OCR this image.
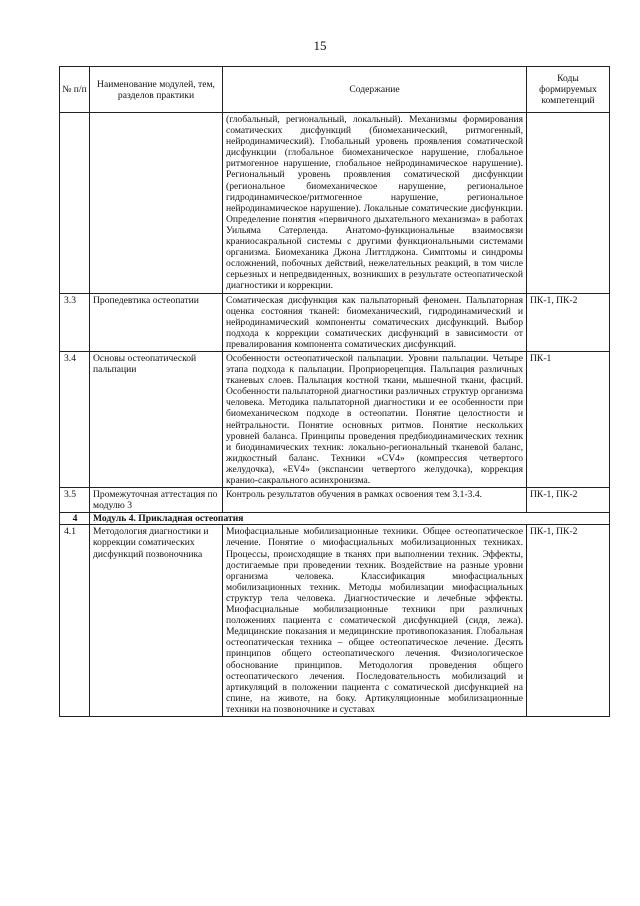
15
№ п/п	Наименование модулей, тем, разделов практики	Содержание	Коды формируемых компетенций
		(глобальный, региональный, локальный). Механизмы формирования соматических дисфункций (биомеханический, ритмогенный, нейродинамический). Глобальный уровень проявления соматической дисфункции (глобальное биомеханическое нарушение, глобальное ритмогенное нарушение, глобальное нейродинамическое нарушение). Региональный уровень проявления соматической дисфункции (региональное биомеханическое нарушение, региональное гидродинамическое/ритмогенное нарушение, региональное нейродинамическое нарушение). Локальные соматические дисфункции. Определение понятия «первичного дыхательного механизма» в работах Уильяма Сатерленда. Анатомо-функциональные взаимосвязи краниосакральной системы с другими функциональными системами организма. Биомеханика Джона Литтлджона. Симптомы и синдромы осложнений, побочных действий, нежелательных реакций, в том числе серьезных и непредвиденных, возникших в результате остеопатической диагностики и коррекции.	
3.3	Пропедевтика остеопатии	Соматическая дисфункция как пальпаторный феномен. Пальпаторная оценка состояния тканей: биомеханический, гидродинамический и нейродинамический компоненты соматических дисфункций. Выбор подхода к коррекции соматических дисфункций в зависимости от превалирования компонента соматических дисфункций.	ПК-1, ПК-2
3.4	Основы остеопатической пальпации	Особенности остеопатической пальпации. Уровни пальпации. Четыре этапа подхода к пальпации. Проприорецепция. Пальпация различных тканевых слоев. Пальпация костной ткани, мышечной ткани, фасций. Особенности пальпаторной диагностики различных структур организма человека. Методика пальпаторной диагностики и ее особенности при биомеханическом подходе в остеопатии. Понятие целостности и нейтральности. Понятие основных ритмов. Понятие нескольких уровней баланса. Принципы проведения предбиодинамических техник и биодинамических техник: локально-региональный тканевой баланс, жидкостный баланс. Техники «CV4» (компрессия четвертого желудочка), «EV4» (экспансии четвертого желудочка), коррекция кранио-сакрального асинхронизма.	ПК-1
3.5	Промежуточная аттестация по модулю 3	Контроль результатов обучения в рамках освоения тем 3.1-3.4.	ПК-1, ПК-2
4	Модуль 4. Прикладная остеопатия		
4.1	Методология диагностики и коррекции соматических дисфункций позвоночника	Миофасциальные мобилизационные техники. Общее остеопатическое лечение. Понятие о миофасциальных мобилизационных техниках. Процессы, происходящие в тканях при выполнении техник. Эффекты, достигаемые при проведении техник. Воздействие на разные уровни организма человека. Классификация миофасциальных мобилизационных техник. Методы мобилизации миофасциальных структур тела человека. Диагностические и лечебные эффекты. Миофасциальные мобилизационные техники при различных положениях пациента с соматической дисфункцией (сидя, лежа). Медицинские показания и медицинские противопоказания. Глобальная остеопатическая техника – общее остеопатическое лечение. Десять принципов общего остеопатического лечения. Физиологическое обоснование принципов. Методология проведения общего остеопатического лечения. Последовательность мобилизаций и артикуляций в положении пациента с соматической дисфункцией на спине, на животе, на боку. Артикуляционные мобилизационные техники на позвоночнике и суставах	ПК-1, ПК-2
